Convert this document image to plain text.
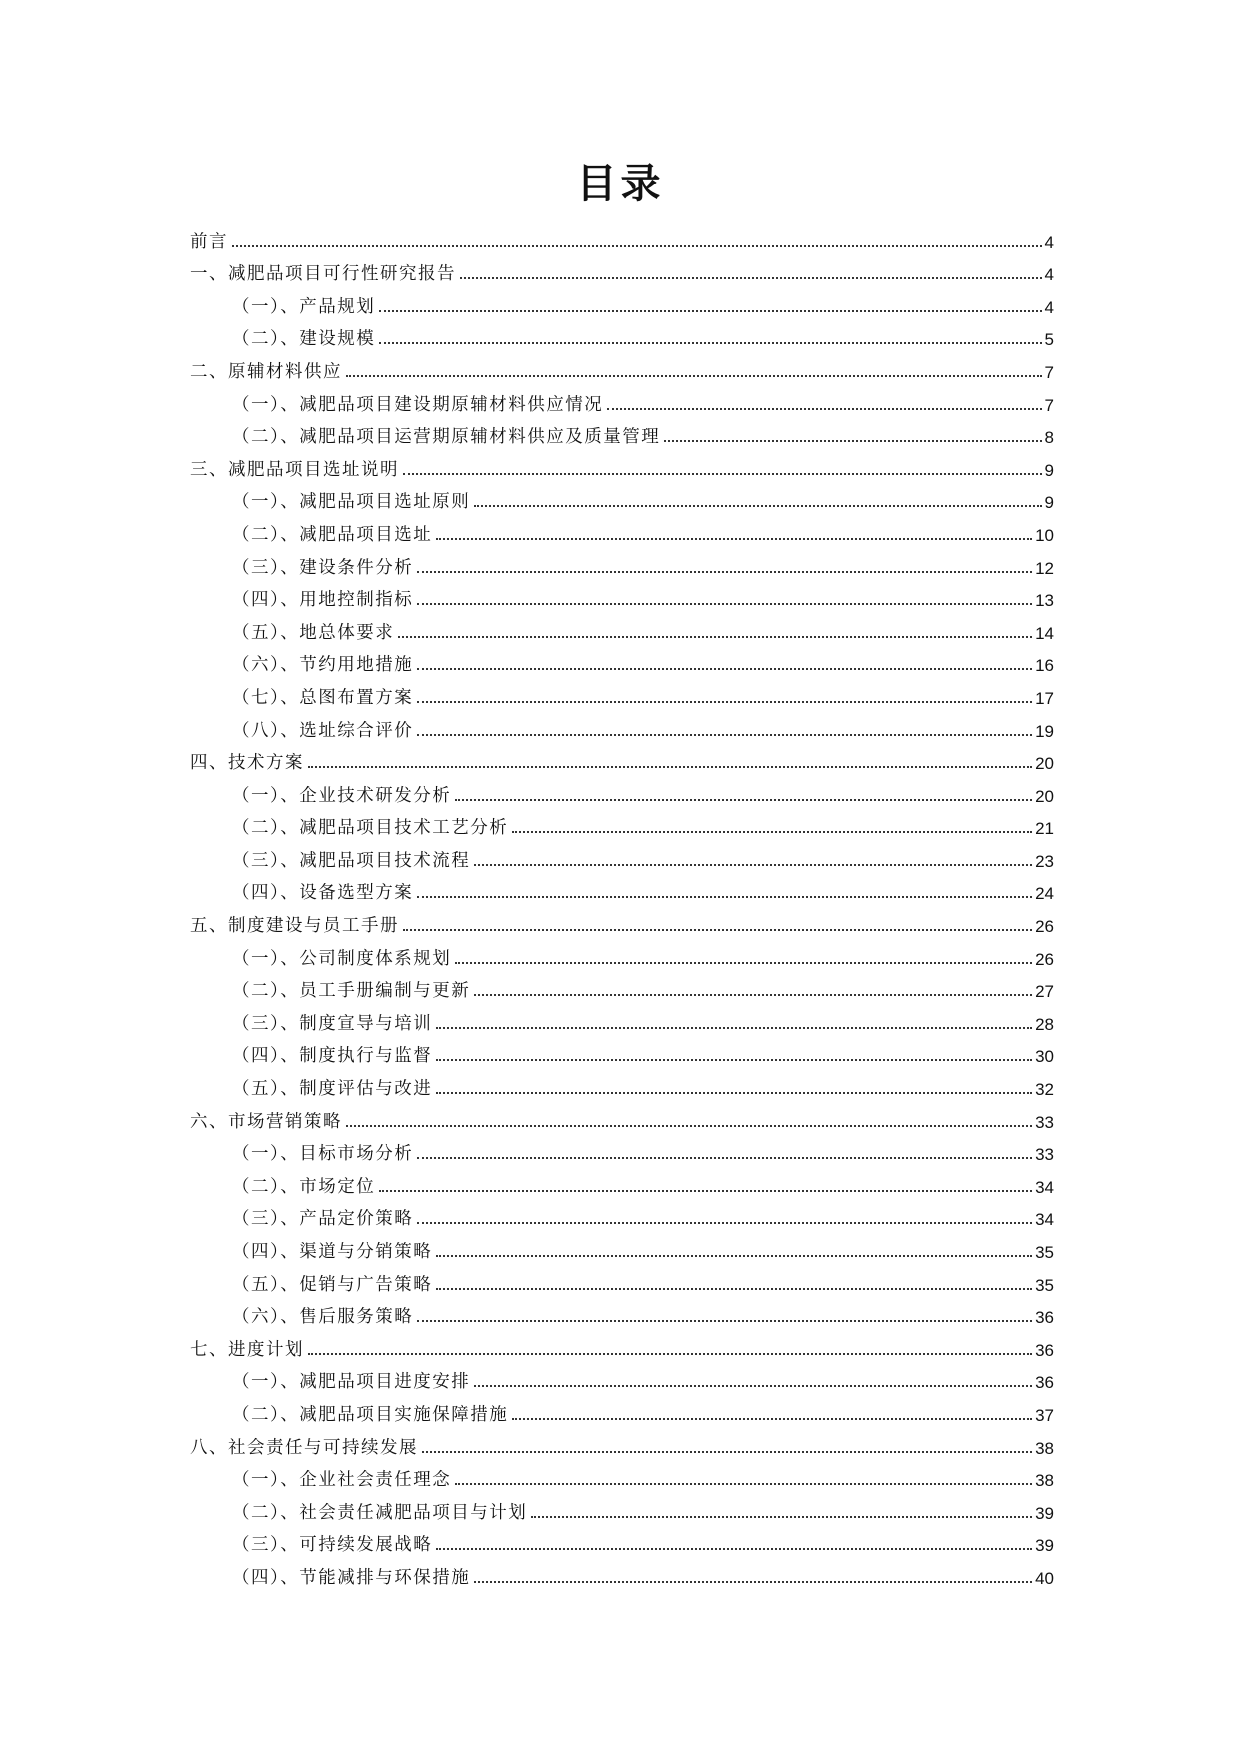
目录
前言	4
一、减肥品项目可行性研究报告	4
（一）、产品规划	4
（二）、建设规模	5
二、原辅材料供应	7
（一）、减肥品项目建设期原辅材料供应情况	7
（二）、减肥品项目运营期原辅材料供应及质量管理	8
三、减肥品项目选址说明	9
（一）、减肥品项目选址原则	9
（二）、减肥品项目选址	10
（三）、建设条件分析	12
（四）、用地控制指标	13
（五）、地总体要求	14
（六）、节约用地措施	16
（七）、总图布置方案	17
（八）、选址综合评价	19
四、技术方案	20
（一）、企业技术研发分析	20
（二）、减肥品项目技术工艺分析	21
（三）、减肥品项目技术流程	23
（四）、设备选型方案	24
五、制度建设与员工手册	26
（一）、公司制度体系规划	26
（二）、员工手册编制与更新	27
（三）、制度宣导与培训	28
（四）、制度执行与监督	30
（五）、制度评估与改进	32
六、市场营销策略	33
（一）、目标市场分析	33
（二）、市场定位	34
（三）、产品定价策略	34
（四）、渠道与分销策略	35
（五）、促销与广告策略	35
（六）、售后服务策略	36
七、进度计划	36
（一）、减肥品项目进度安排	36
（二）、减肥品项目实施保障措施	37
八、社会责任与可持续发展	38
（一）、企业社会责任理念	38
（二）、社会责任减肥品项目与计划	39
（三）、可持续发展战略	39
（四）、节能减排与环保措施	40
